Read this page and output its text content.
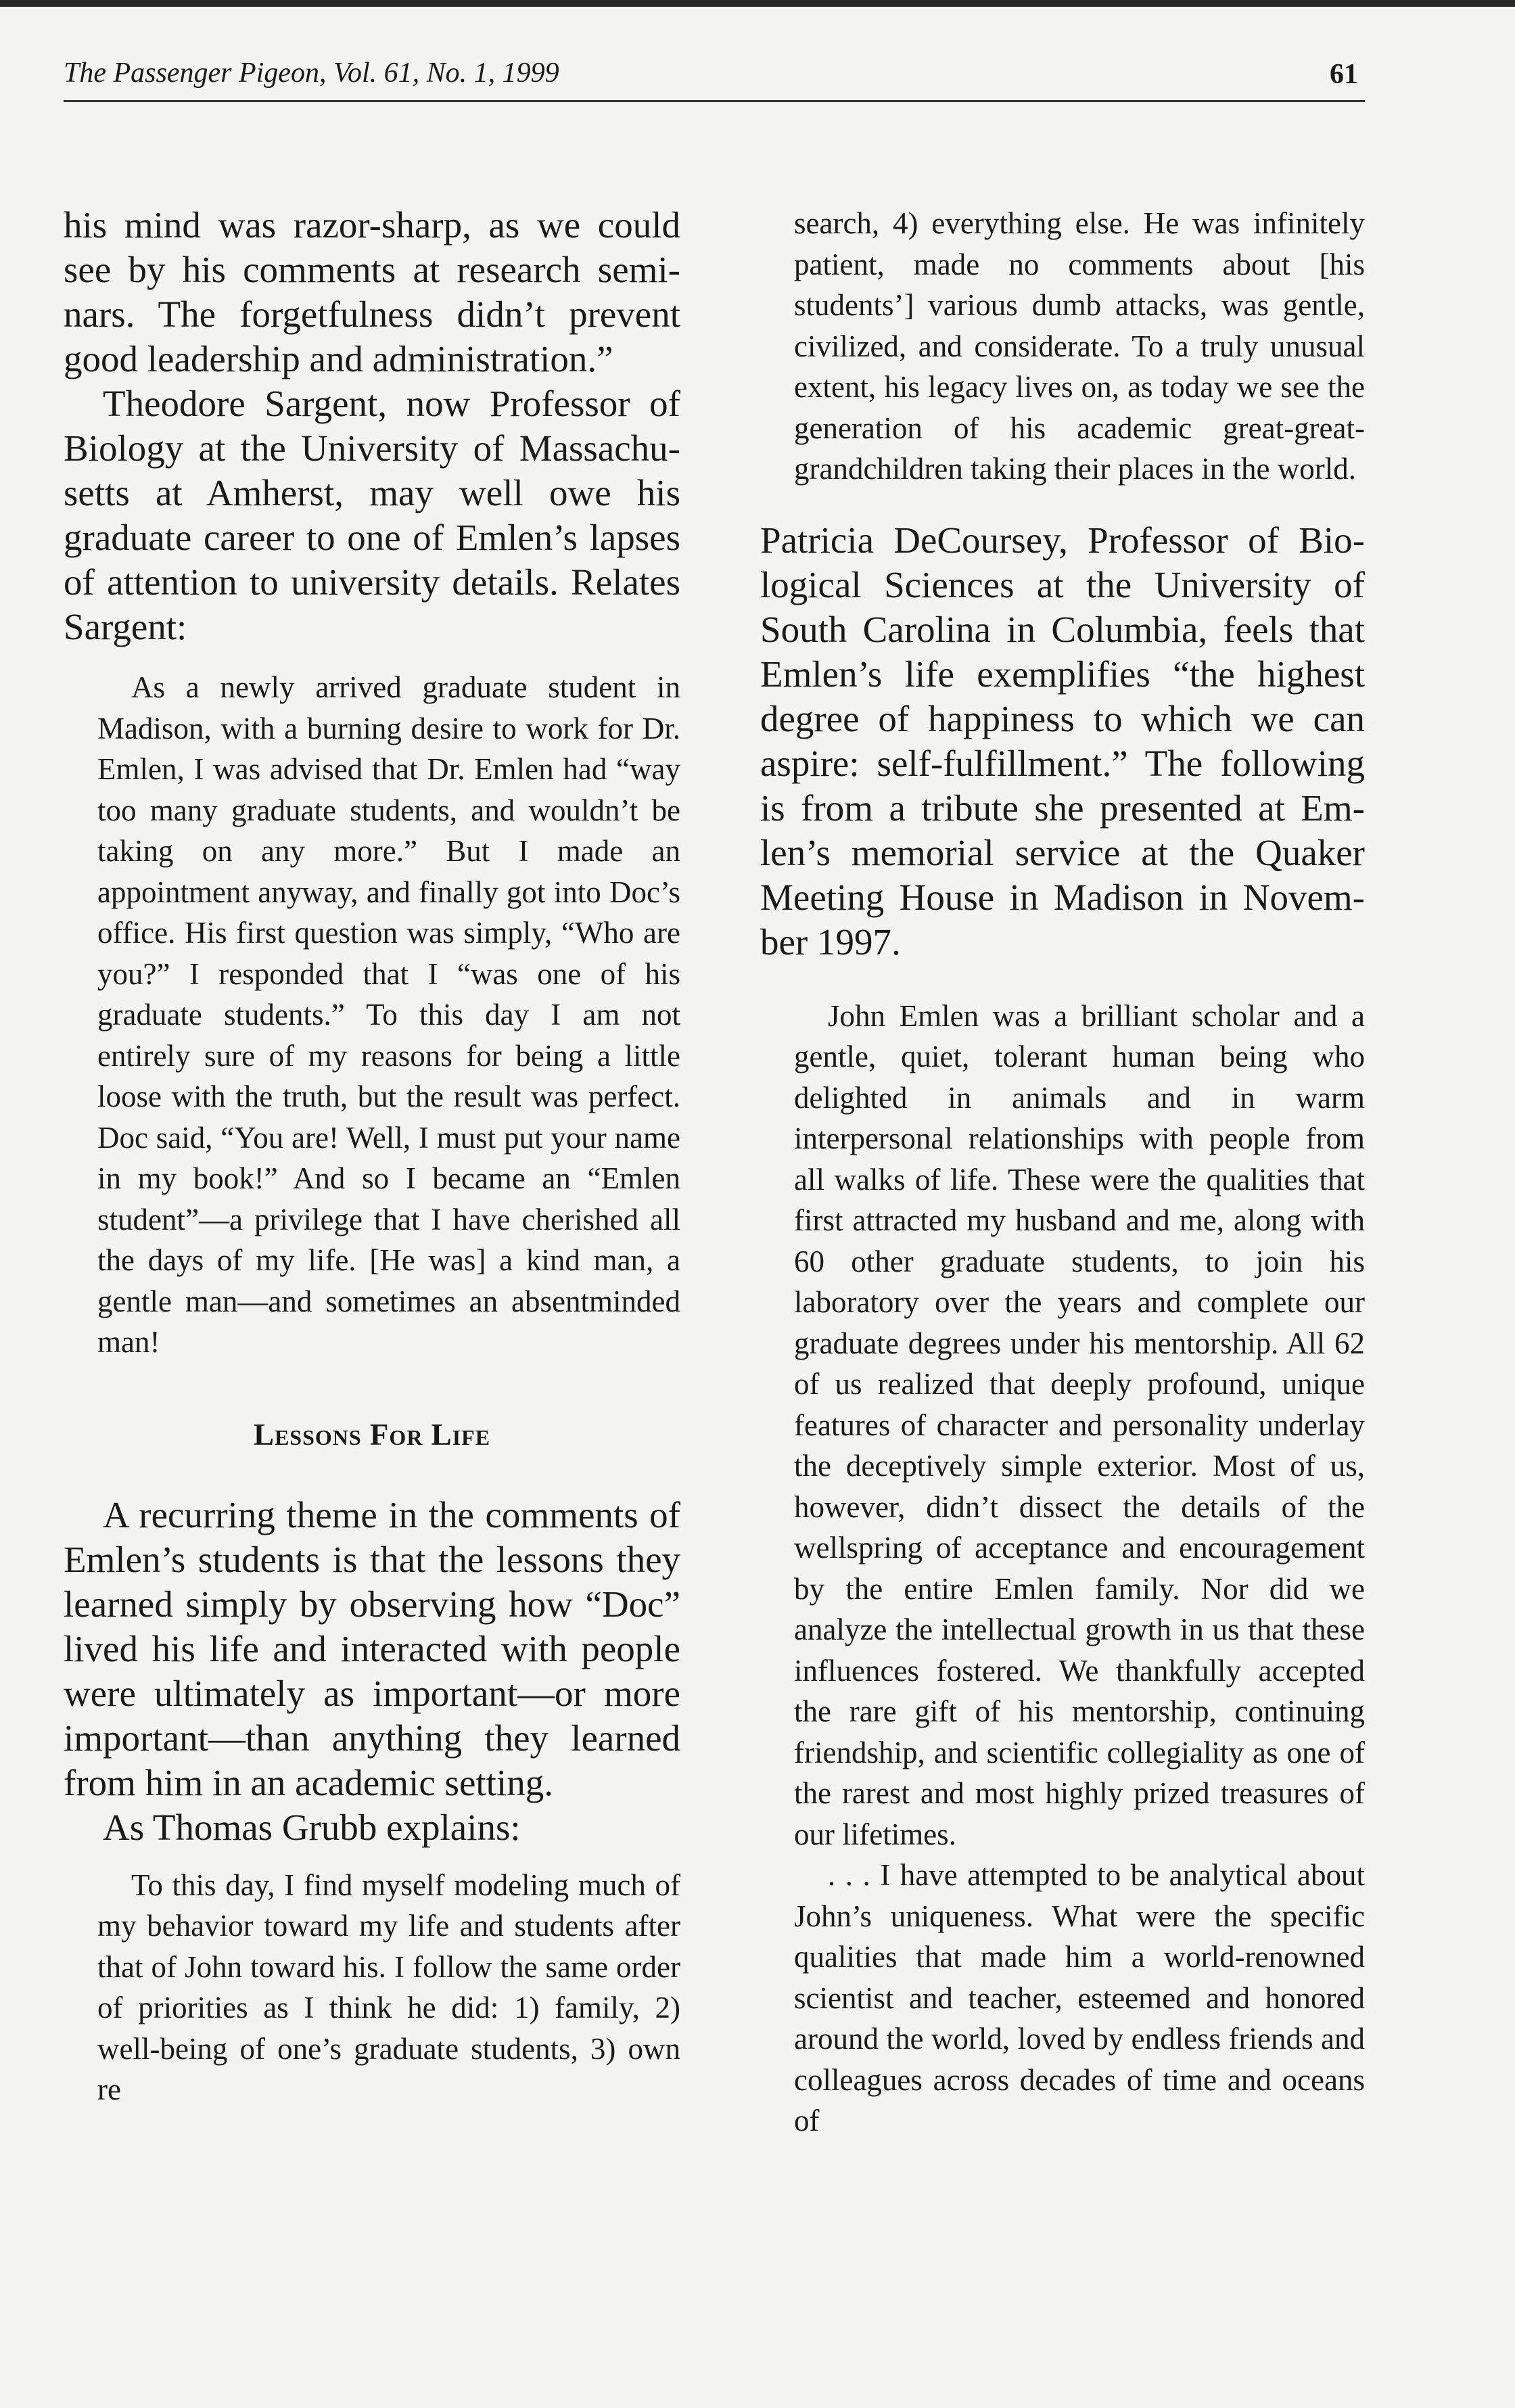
The Passenger Pigeon, Vol. 61, No. 1, 1999	61

his mind was razor-sharp, as we could see by his comments at research seminars. The forgetfulness didn’t prevent good leadership and administration.”

Theodore Sargent, now Professor of Biology at the University of Massachusetts at Amherst, may well owe his graduate career to one of Emlen’s lapses of attention to university details. Relates Sargent:

As a newly arrived graduate student in Madison, with a burning desire to work for Dr. Emlen, I was advised that Dr. Emlen had “way too many graduate students, and wouldn’t be taking on any more.” But I made an appointment anyway, and finally got into Doc’s office. His first question was simply, “Who are you?” I responded that I “was one of his graduate students.” To this day I am not entirely sure of my reasons for being a little loose with the truth, but the result was perfect. Doc said, “You are! Well, I must put your name in my book!” And so I became an “Emlen student”—a privilege that I have cherished all the days of my life. [He was] a kind man, a gentle man—and sometimes an absentminded man!

Lessons For Life

A recurring theme in the comments of Emlen’s students is that the lessons they learned simply by observing how “Doc” lived his life and interacted with people were ultimately as important—or more important—than anything they learned from him in an academic setting.

As Thomas Grubb explains:

To this day, I find myself modeling much of my behavior toward my life and students after that of John toward his. I follow the same order of priorities as I think he did: 1) family, 2) well-being of one’s graduate students, 3) own re

search, 4) everything else. He was infinitely patient, made no comments about [his students’] various dumb attacks, was gentle, civilized, and considerate. To a truly unusual extent, his legacy lives on, as today we see the generation of his academic great-great-grandchildren taking their places in the world.

Patricia DeCoursey, Professor of Biological Sciences at the University of South Carolina in Columbia, feels that Emlen’s life exemplifies “the highest degree of happiness to which we can aspire: self-fulfillment.” The following is from a tribute she presented at Emlen’s memorial service at the Quaker Meeting House in Madison in November 1997.

John Emlen was a brilliant scholar and a gentle, quiet, tolerant human being who delighted in animals and in warm interpersonal relationships with people from all walks of life. These were the qualities that first attracted my husband and me, along with 60 other graduate students, to join his laboratory over the years and complete our graduate degrees under his mentorship. All 62 of us realized that deeply profound, unique features of character and personality underlay the deceptively simple exterior. Most of us, however, didn’t dissect the details of the wellspring of acceptance and encouragement by the entire Emlen family. Nor did we analyze the intellectual growth in us that these influences fostered. We thankfully accepted the rare gift of his mentorship, continuing friendship, and scientific collegiality as one of the rarest and most highly prized treasures of our lifetimes.

. . . I have attempted to be analytical about John’s uniqueness. What were the specific qualities that made him a world-renowned scientist and teacher, esteemed and honored around the world, loved by endless friends and colleagues across decades of time and oceans of
